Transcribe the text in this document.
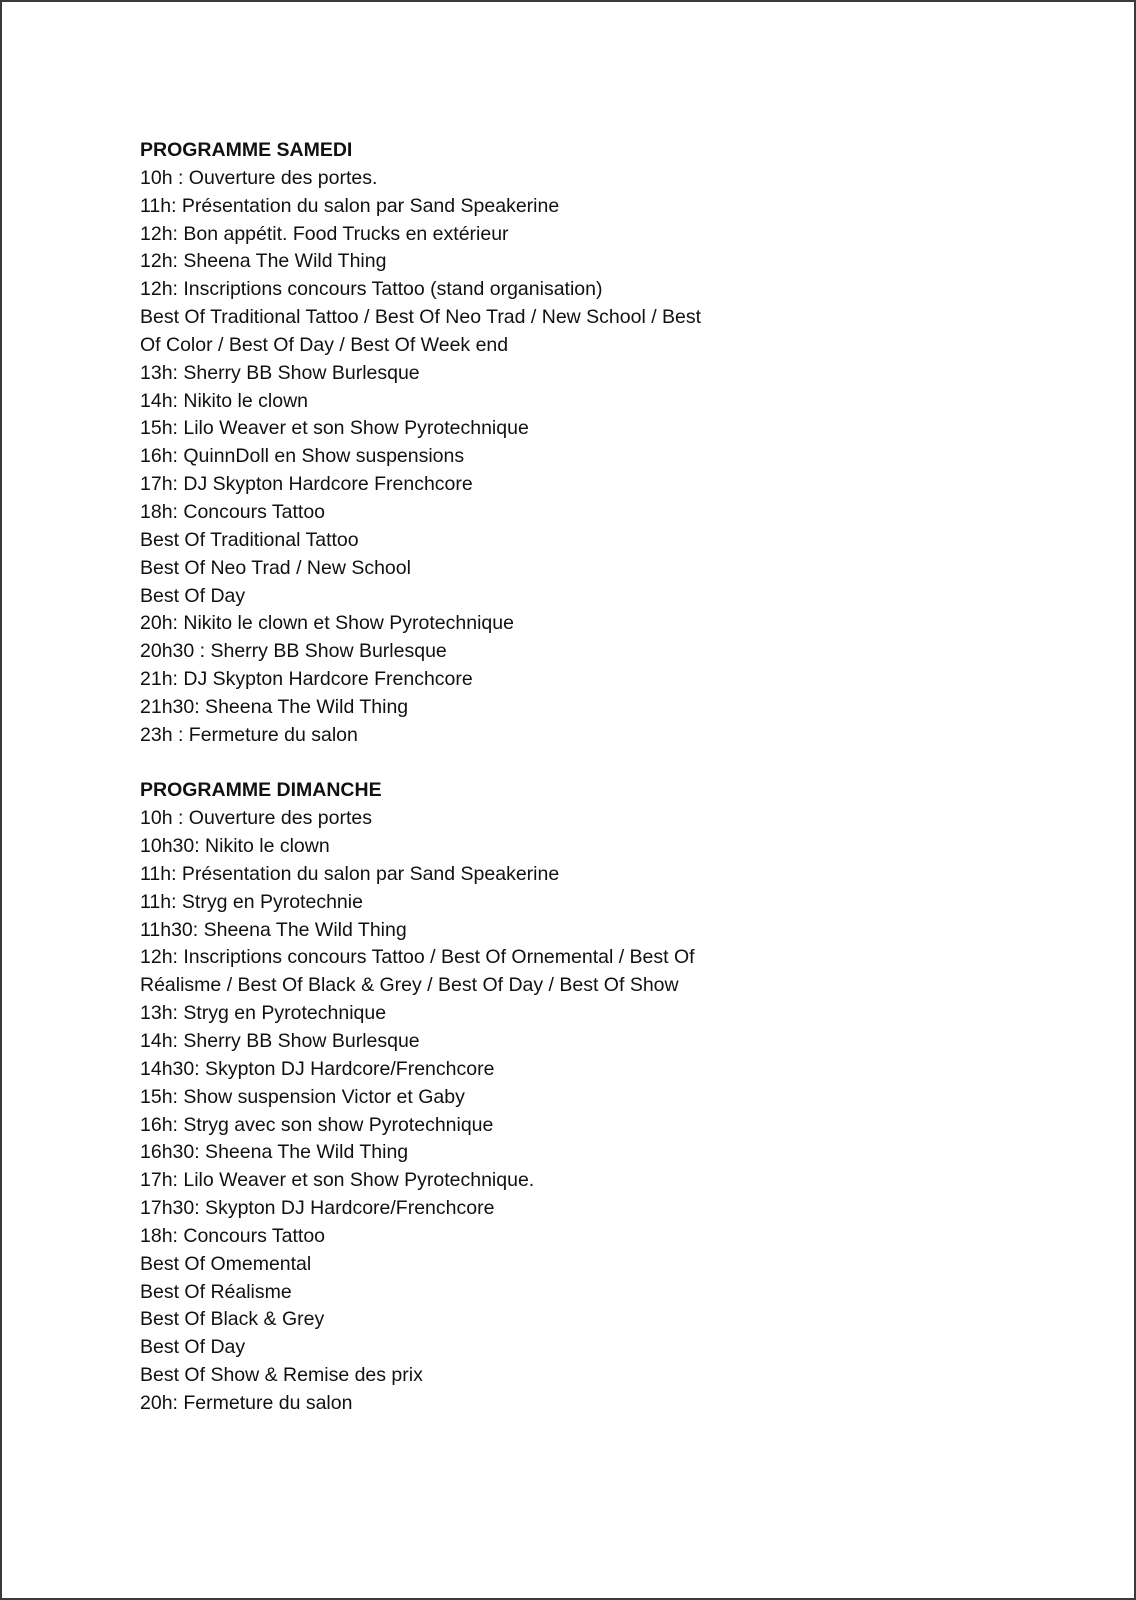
PROGRAMME SAMEDI

10h : Ouverture des portes.

11h: Présentation du salon par Sand Speakerine

12h: Bon appétit. Food Trucks en extérieur

12h: Sheena The Wild Thing

12h: Inscriptions concours Tattoo (stand organisation)

Best Of Traditional Tattoo / Best Of Neo Trad / New School / Best

Of Color / Best Of Day / Best Of Week end

13h: Sherry BB Show Burlesque

14h: Nikito le clown

15h: Lilo Weaver et son Show Pyrotechnique

16h: QuinnDoll en Show suspensions

17h: DJ Skypton Hardcore Frenchcore

18h: Concours Tattoo

Best Of Traditional Tattoo

Best Of Neo Trad / New School

Best Of Day

20h: Nikito le clown et Show Pyrotechnique

20h30 : Sherry BB Show Burlesque

21h: DJ Skypton Hardcore Frenchcore

21h30: Sheena The Wild Thing

23h : Fermeture du salon

PROGRAMME DIMANCHE

10h : Ouverture des portes

10h30: Nikito le clown

11h: Présentation du salon par Sand Speakerine

11h: Stryg en Pyrotechnie

11h30: Sheena The Wild Thing

12h: Inscriptions concours Tattoo / Best Of Ornemental / Best Of

Réalisme / Best Of Black & Grey / Best Of Day / Best Of Show

13h: Stryg en Pyrotechnique

14h: Sherry BB Show Burlesque

14h30: Skypton DJ Hardcore/Frenchcore

15h: Show suspension Victor et Gaby

16h: Stryg avec son show Pyrotechnique

16h30: Sheena The Wild Thing

17h: Lilo Weaver et son Show Pyrotechnique.

17h30: Skypton DJ Hardcore/Frenchcore

18h: Concours Tattoo

Best Of Omemental

Best Of Réalisme

Best Of Black & Grey

Best Of Day

Best Of Show & Remise des prix

20h: Fermeture du salon
